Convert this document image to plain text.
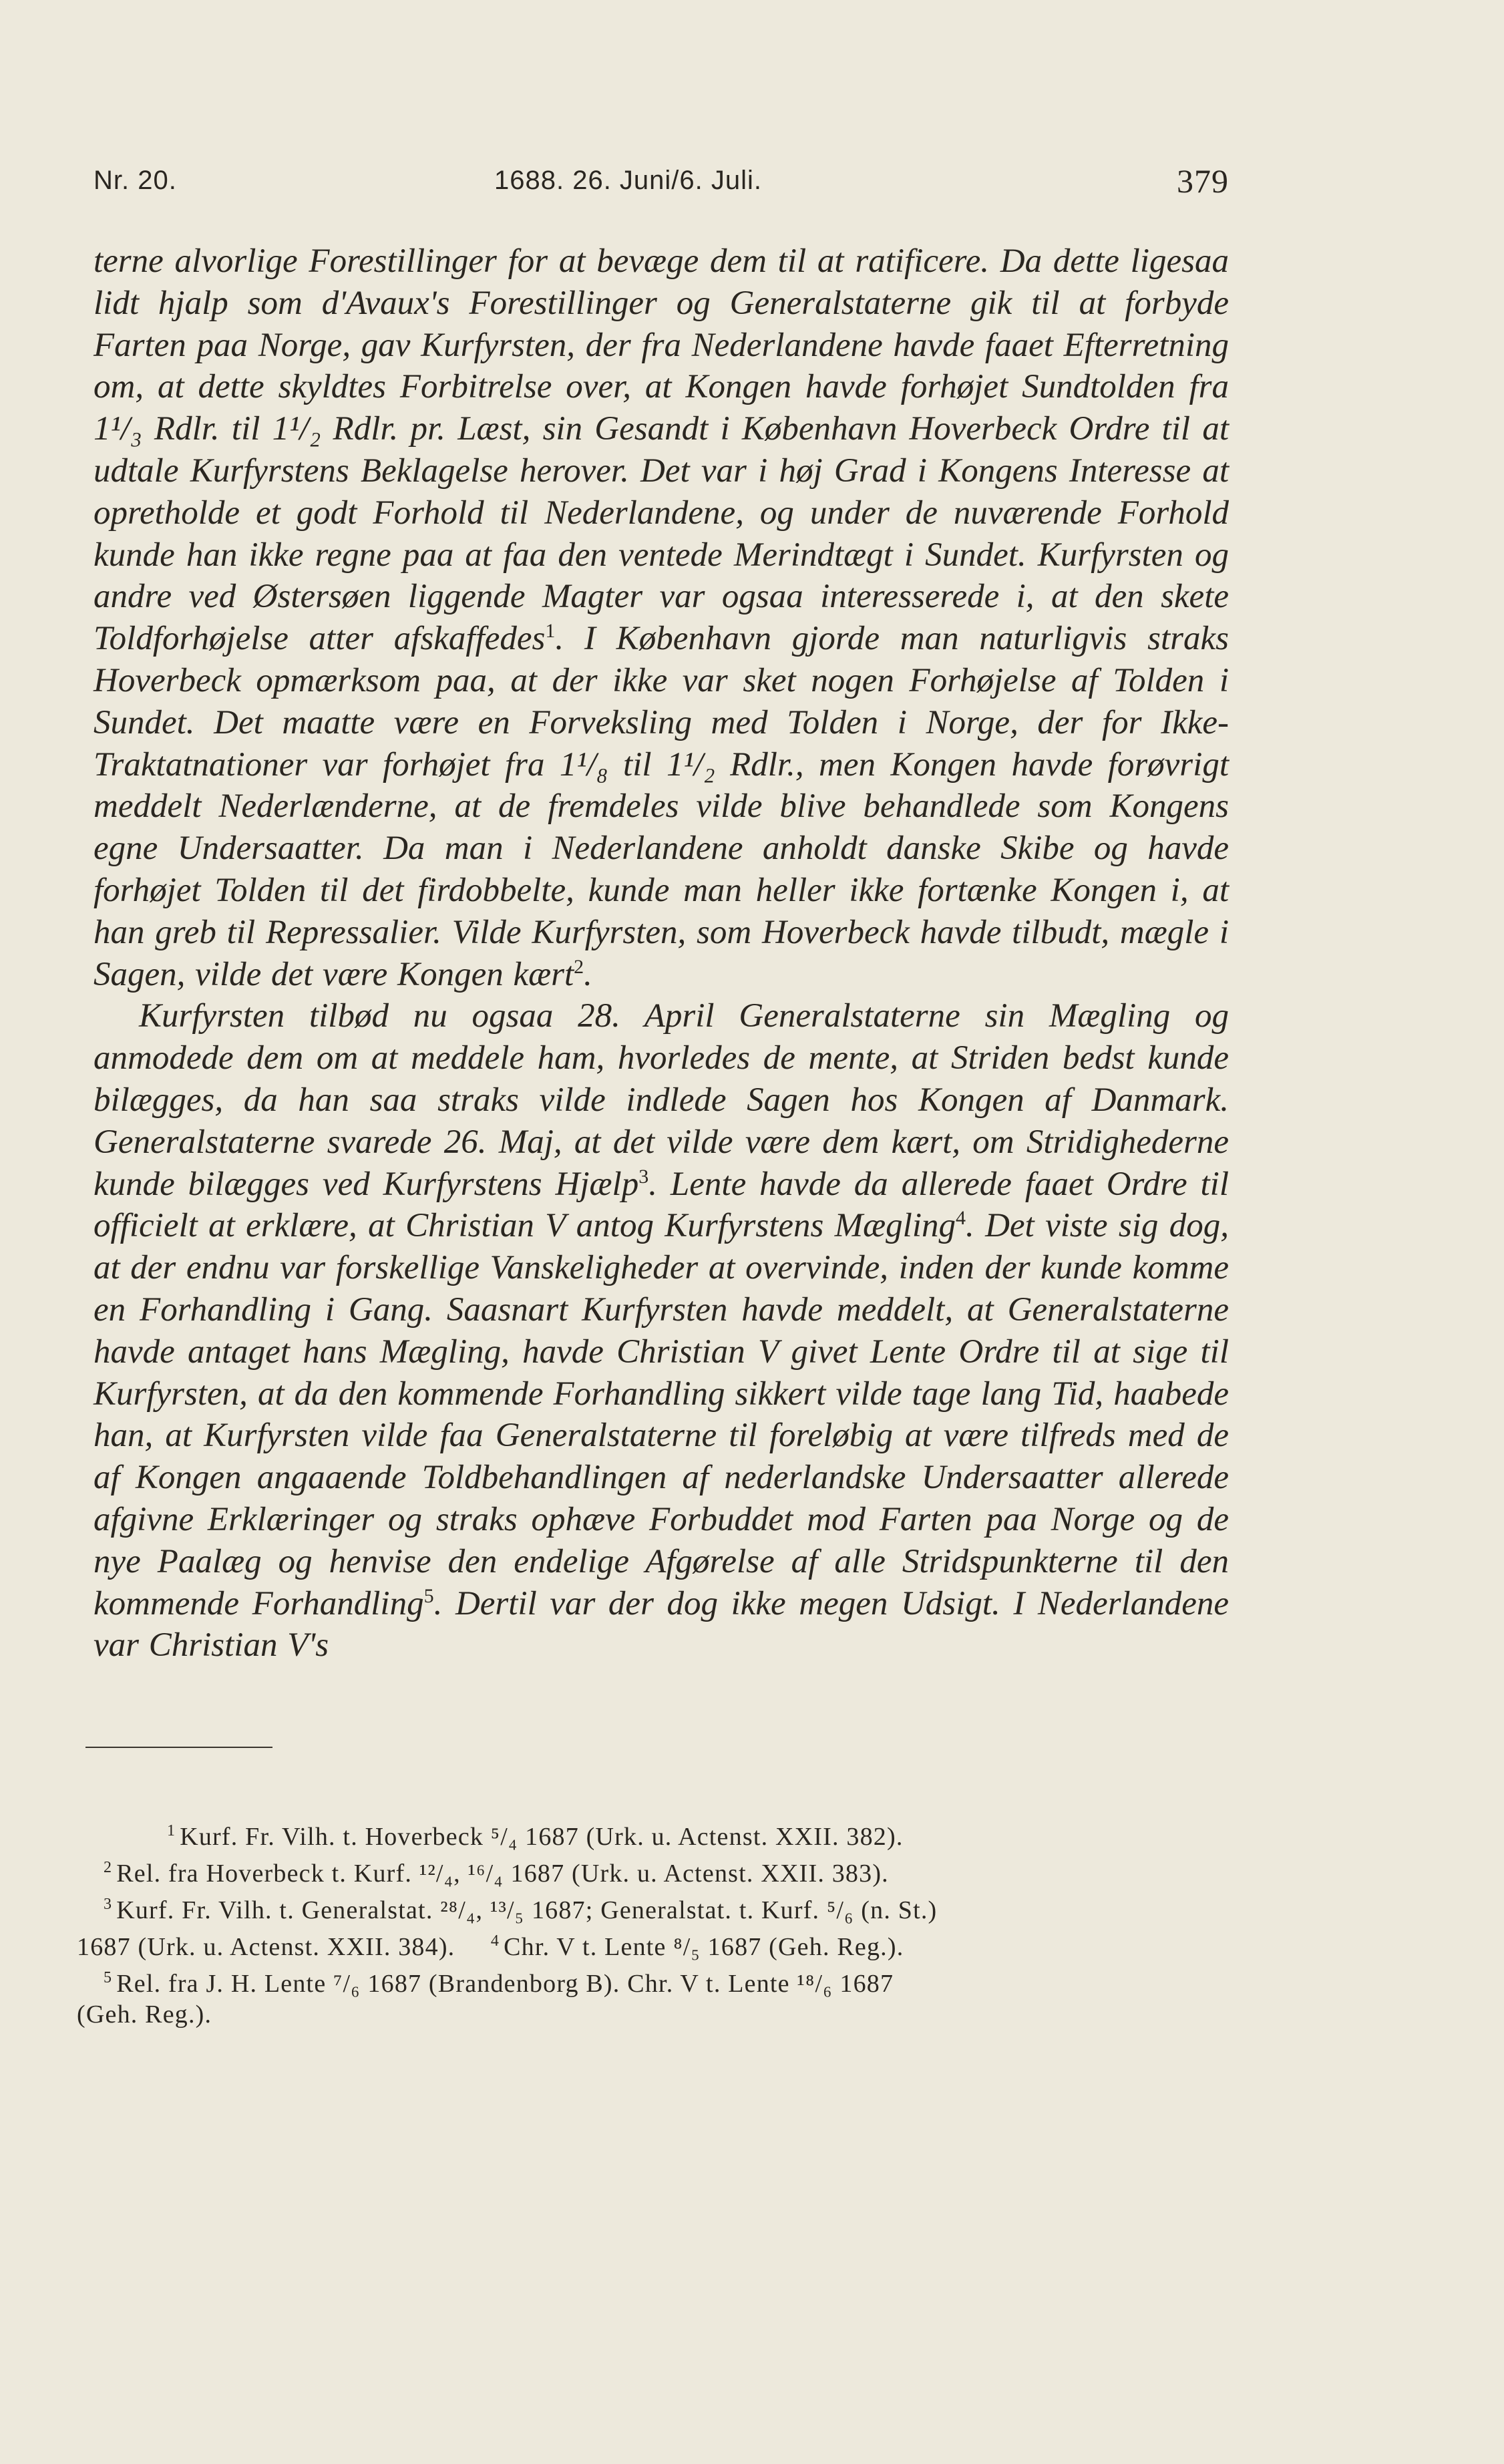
Nr. 20.	1688. 26. Juni/6. Juli.	379

terne alvorlige Forestillinger for at bevæge dem til at ratificere. Da dette ligesaa lidt hjalp som d'Avaux's Forestillinger og Generalstaterne gik til at forbyde Farten paa Norge, gav Kurfyrsten, der fra Nederlandene havde faaet Efterretning om, at dette skyldtes Forbitrelse over, at Kongen havde forhøjet Sundtolden fra 1¹/₃ Rdlr. til 1¹/₂ Rdlr. pr. Læst, sin Gesandt i København Hoverbeck Ordre til at udtale Kurfyrstens Beklagelse herover. Det var i høj Grad i Kongens Interesse at opretholde et godt Forhold til Nederlandene, og under de nuværende Forhold kunde han ikke regne paa at faa den ventede Merindtægt i Sundet. Kurfyrsten og andre ved Østersøen liggende Magter var ogsaa interesserede i, at den skete Toldforhøjelse atter afskaffedes$^1$. I København gjorde man naturligvis straks Hoverbeck opmærksom paa, at der ikke var sket nogen Forhøjelse af Tolden i Sundet. Det maatte være en Forveksling med Tolden i Norge, der for Ikke-Traktatnationer var forhøjet fra 1¹/₈ til 1¹/₂ Rdlr., men Kongen havde forøvrigt meddelt Nederlænderne, at de fremdeles vilde blive behandlede som Kongens egne Undersaatter. Da man i Nederlandene anholdt danske Skibe og havde forhøjet Tolden til det firdobbelte, kunde man heller ikke fortænke Kongen i, at han greb til Repressalier. Vilde Kurfyrsten, som Hoverbeck havde tilbudt, mægle i Sagen, vilde det være Kongen kært$^2$.

Kurfyrsten tilbød nu ogsaa 28. April Generalstaterne sin Mægling og anmodede dem om at meddele ham, hvorledes de mente, at Striden bedst kunde bilægges, da han saa straks vilde indlede Sagen hos Kongen af Danmark. Generalstaterne svarede 26. Maj, at det vilde være dem kært, om Stridighederne kunde bilægges ved Kurfyrstens Hjælp$^3$. Lente havde da allerede faaet Ordre til officielt at erklære, at Christian V antog Kurfyrstens Mægling$^4$. Det viste sig dog, at der endnu var forskellige Vanskeligheder at overvinde, inden der kunde komme en Forhandling i Gang. Saasnart Kurfyrsten havde meddelt, at Generalstaterne havde antaget hans Mægling, havde Christian V givet Lente Ordre til at sige til Kurfyrsten, at da den kommende Forhandling sikkert vilde tage lang Tid, haabede han, at Kurfyrsten vilde faa Generalstaterne til foreløbig at være tilfreds med de af Kongen angaaende Toldbehandlingen af nederlandske Undersaatter allerede afgivne Erklæringer og straks ophæve Forbuddet mod Farten paa Norge og de nye Paalæg og henvise den endelige Afgørelse af alle Stridspunkterne til den kommende Forhandling$^5$. Dertil var der dog ikke megen Udsigt. I Nederlandene var Christian V's

$^1$ Kurf. Fr. Vilh. t. Hoverbeck ⁵/₄ 1687 (Urk. u. Actenst. XXII. 382).
$^2$ Rel. fra Hoverbeck t. Kurf. ¹²/₄, ¹⁶/₄ 1687 (Urk. u. Actenst. XXII. 383).
$^3$ Kurf. Fr. Vilh. t. Generalstat. ²⁸/₄, ¹³/₅ 1687; Generalstat. t. Kurf. ⁵/₆ (n. St.)
1687 (Urk. u. Actenst. XXII. 384). $^4$ Chr. V t. Lente ⁸/₅ 1687 (Geh. Reg.).
$^5$ Rel. fra J. H. Lente ⁷/₆ 1687 (Brandenborg B). Chr. V t. Lente ¹⁸/₆ 1687
(Geh. Reg.).
